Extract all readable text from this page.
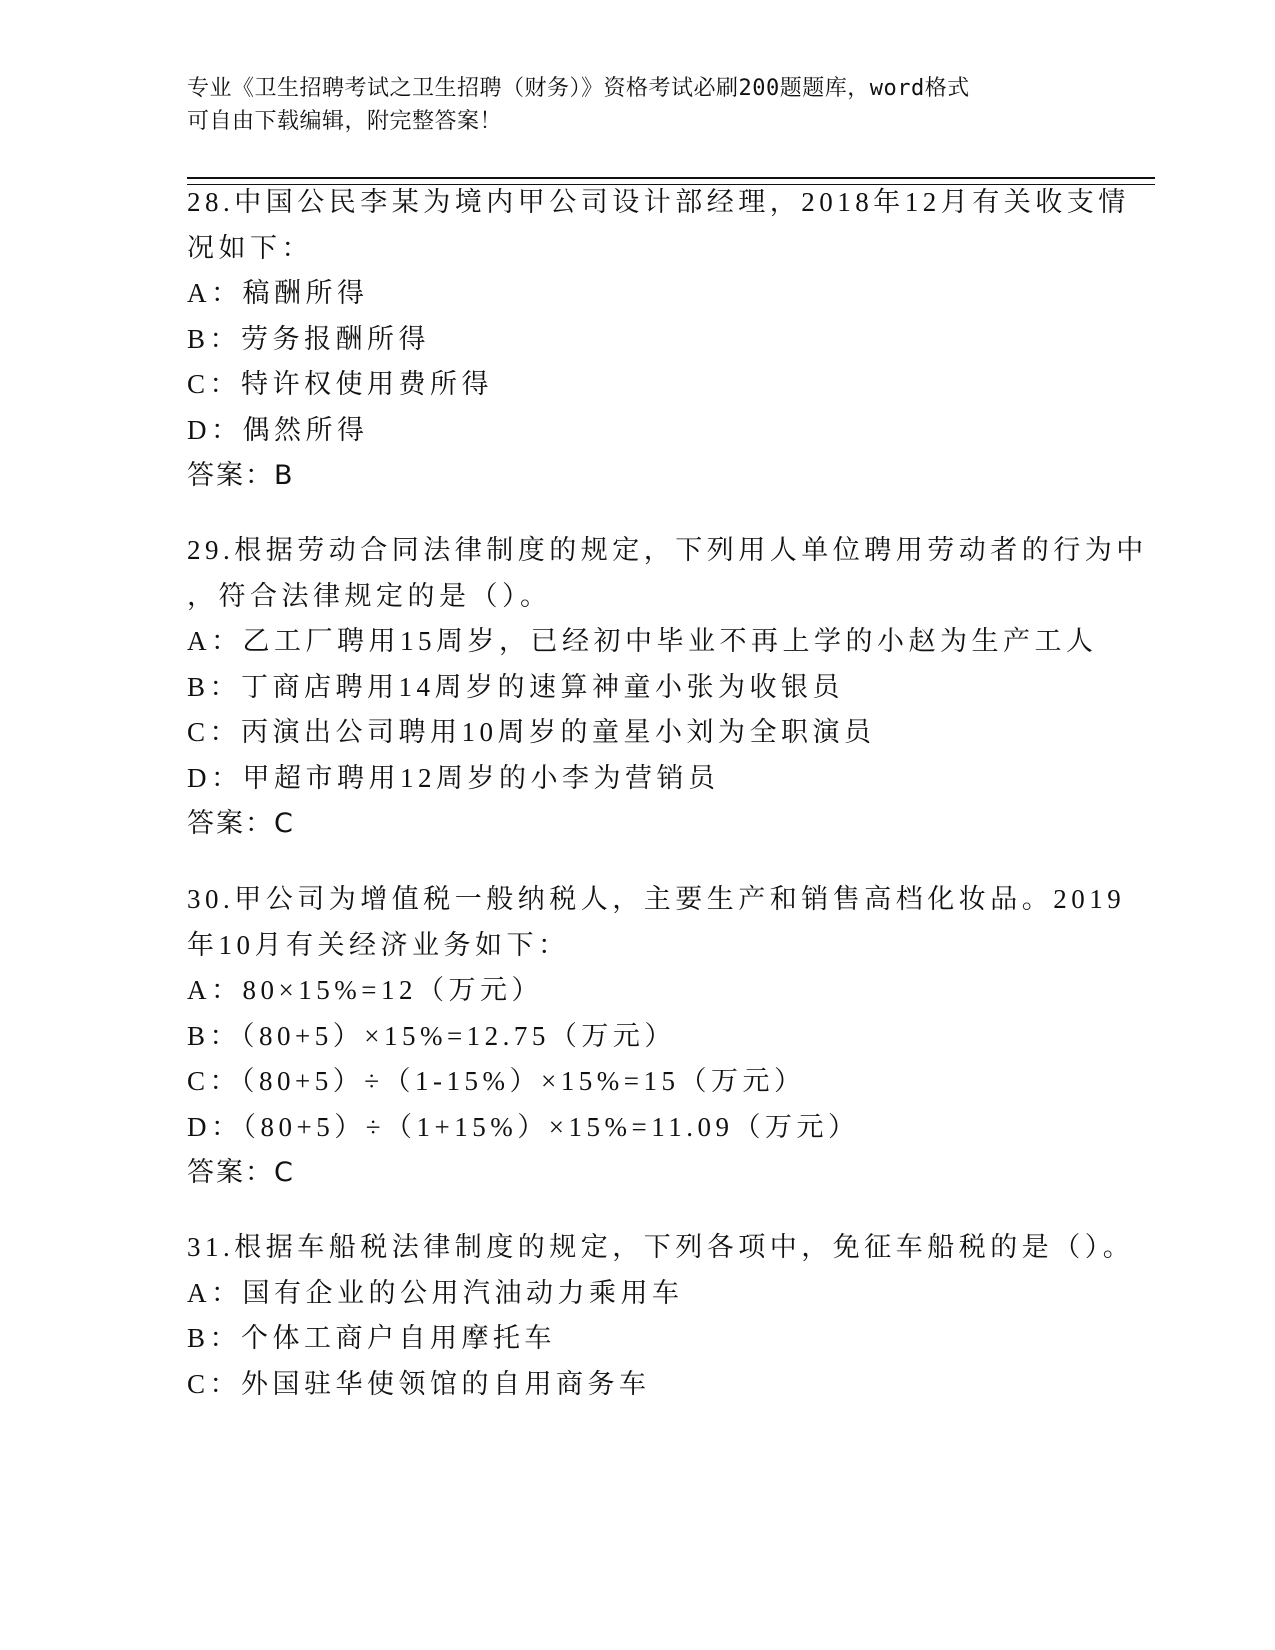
专业《卫生招聘考试之卫生招聘（财务）》资格考试必刷200题题库，word格式
可自由下载编辑，附完整答案！
28.中国公民李某为境内甲公司设计部经理，2018年12月有关收支情
况如下：
A：稿酬所得
B：劳务报酬所得
C：特许权使用费所得
D：偶然所得
答案：B
29.根据劳动合同法律制度的规定，下列用人单位聘用劳动者的行为中
，符合法律规定的是（）。
A：乙工厂聘用15周岁，已经初中毕业不再上学的小赵为生产工人
B：丁商店聘用14周岁的速算神童小张为收银员
C：丙演出公司聘用10周岁的童星小刘为全职演员
D：甲超市聘用12周岁的小李为营销员
答案：C
30.甲公司为增值税一般纳税人，主要生产和销售高档化妆品。2019
年10月有关经济业务如下：
A：80×15%=12（万元）
B：（80+5）×15%=12.75（万元）
C：（80+5）÷（1-15%）×15%=15（万元）
D：（80+5）÷（1+15%）×15%=11.09（万元）
答案：C
31.根据车船税法律制度的规定，下列各项中，免征车船税的是（）。
A：国有企业的公用汽油动力乘用车
B：个体工商户自用摩托车
C：外国驻华使领馆的自用商务车
